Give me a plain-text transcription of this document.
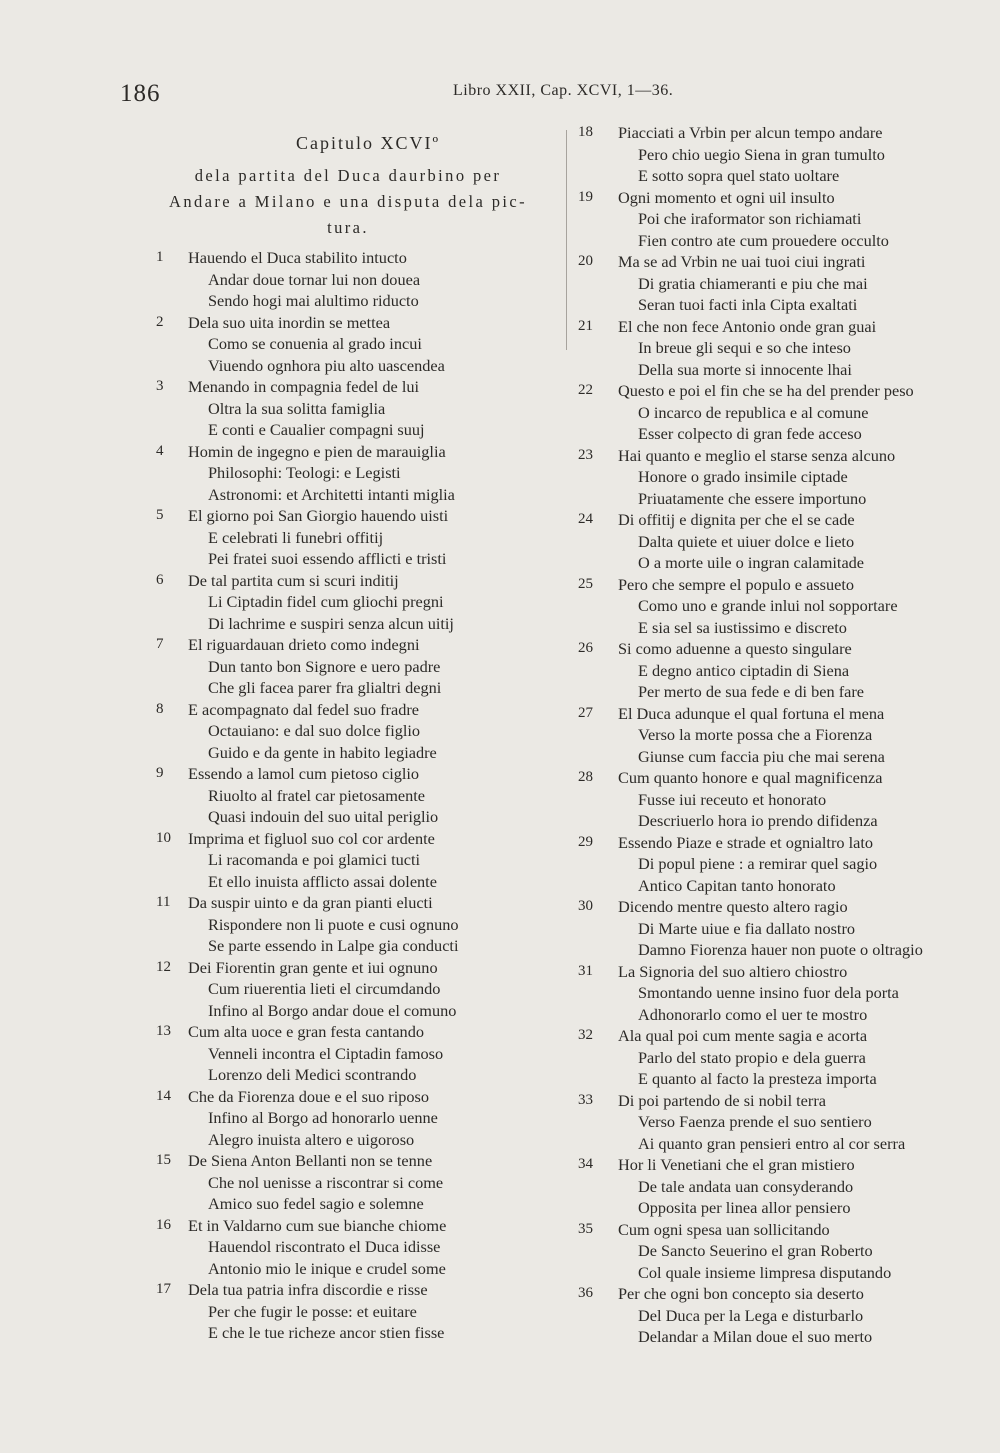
186	Libro XXII, Cap. XCVI, 1—36.
Capitulo XCVIº
dela partita del Duca daurbino per
Andare a Milano e una disputa dela pic-
tura.
1	Hauendo el Duca stabilito intucto
Andar doue tornar lui non douea
Sendo hogi mai alultimo riducto
2	Dela suo uita inordin se mettea
Como se conuenia al grado incui
Viuendo ognhora piu alto uascendea
3	Menando in compagnia fedel de lui
Oltra la sua solitta famiglia
E conti e Caualier compagni suuj
4	Homin de ingegno e pien de marauiglia
Philosophi: Teologi: e Legisti
Astronomi: et Architetti intanti miglia
5	El giorno poi San Giorgio hauendo uisti
E celebrati li funebri offitij
Pei fratei suoi essendo afflicti e tristi
6	De tal partita cum si scuri inditij
Li Ciptadin fidel cum gliochi pregni
Di lachrime e suspiri senza alcun uitij
7	El riguardauan drieto como indegni
Dun tanto bon Signore e uero padre
Che gli facea parer fra glialtri degni
8	E acompagnato dal fedel suo fradre
Octauiano: e dal suo dolce figlio
Guido e da gente in habito legiadre
9	Essendo a lamol cum pietoso ciglio
Riuolto al fratel car pietosamente
Quasi indouin del suo uital periglio
10	Imprima et figluol suo col cor ardente
Li racomanda e poi glamici tucti
Et ello inuista afflicto assai dolente
11	Da suspir uinto e da gran pianti elucti
Rispondere non li puote e cusi ognuno
Se parte essendo in Lalpe gia conducti
12	Dei Fiorentin gran gente et iui ognuno
Cum riuerentia lieti el circumdando
Infino al Borgo andar doue el comuno
13	Cum alta uoce e gran festa cantando
Venneli incontra el Ciptadin famoso
Lorenzo deli Medici scontrando
14	Che da Fiorenza doue e el suo riposo
Infino al Borgo ad honorarlo uenne
Alegro inuista altero e uigoroso
15	De Siena Anton Bellanti non se tenne
Che nol uenisse a riscontrar si come
Amico suo fedel sagio e solemne
16	Et in Valdarno cum sue bianche chiome
Hauendol riscontrato el Duca idisse
Antonio mio le inique e crudel some
17	Dela tua patria infra discordie e risse
Per che fugir le posse: et euitare
E che le tue richeze ancor stien fisse
18	Piacciati a Vrbin per alcun tempo andare
Pero chio uegio Siena in gran tumulto
E sotto sopra quel stato uoltare
19	Ogni momento et ogni uil insulto
Poi che iraformator son richiamati
Fien contro ate cum prouedere occulto
20	Ma se ad Vrbin ne uai tuoi ciui ingrati
Di gratia chiameranti e piu che mai
Seran tuoi facti inla Cipta exaltati
21	El che non fece Antonio onde gran guai
In breue gli sequi e so che inteso
Della sua morte si innocente lhai
22	Questo e poi el fin che se ha del prender peso
O incarco de republica e al comune
Esser colpecto di gran fede acceso
23	Hai quanto e meglio el starse senza alcuno
Honore o grado insimile ciptade
Priuatamente che essere importuno
24	Di offitij e dignita per che el se cade
Dalta quiete et uiuer dolce e lieto
O a morte uile o ingran calamitade
25	Pero che sempre el populo e assueto
Como uno e grande inlui nol sopportare
E sia sel sa iustissimo e discreto
26	Si como aduenne a questo singulare
E degno antico ciptadin di Siena
Per merto de sua fede e di ben fare
27	El Duca adunque el qual fortuna el mena
Verso la morte possa che a Fiorenza
Giunse cum faccia piu che mai serena
28	Cum quanto honore e qual magnificenza
Fusse iui receuto et honorato
Descriuerlo hora io prendo difidenza
29	Essendo Piaze e strade et ognialtro lato
Di popul piene : a remirar quel sagio
Antico Capitan tanto honorato
30	Dicendo mentre questo altero ragio
Di Marte uiue e fia dallato nostro
Damno Fiorenza hauer non puote o oltragio
31	La Signoria del suo altiero chiostro
Smontando uenne insino fuor dela porta
Adhonorarlo como el uer te mostro
32	Ala qual poi cum mente sagia e acorta
Parlo del stato propio e dela guerra
E quanto al facto la presteza importa
33	Di poi partendo de si nobil terra
Verso Faenza prende el suo sentiero
Ai quanto gran pensieri entro al cor serra
34	Hor li Venetiani che el gran mistiero
De tale andata uan consyderando
Opposita per linea allor pensiero
35	Cum ogni spesa uan sollicitando
De Sancto Seuerino el gran Roberto
Col quale insieme limpresa disputando
36	Per che ogni bon concepto sia deserto
Del Duca per la Lega e disturbarlo
Delandar a Milan doue el suo merto
